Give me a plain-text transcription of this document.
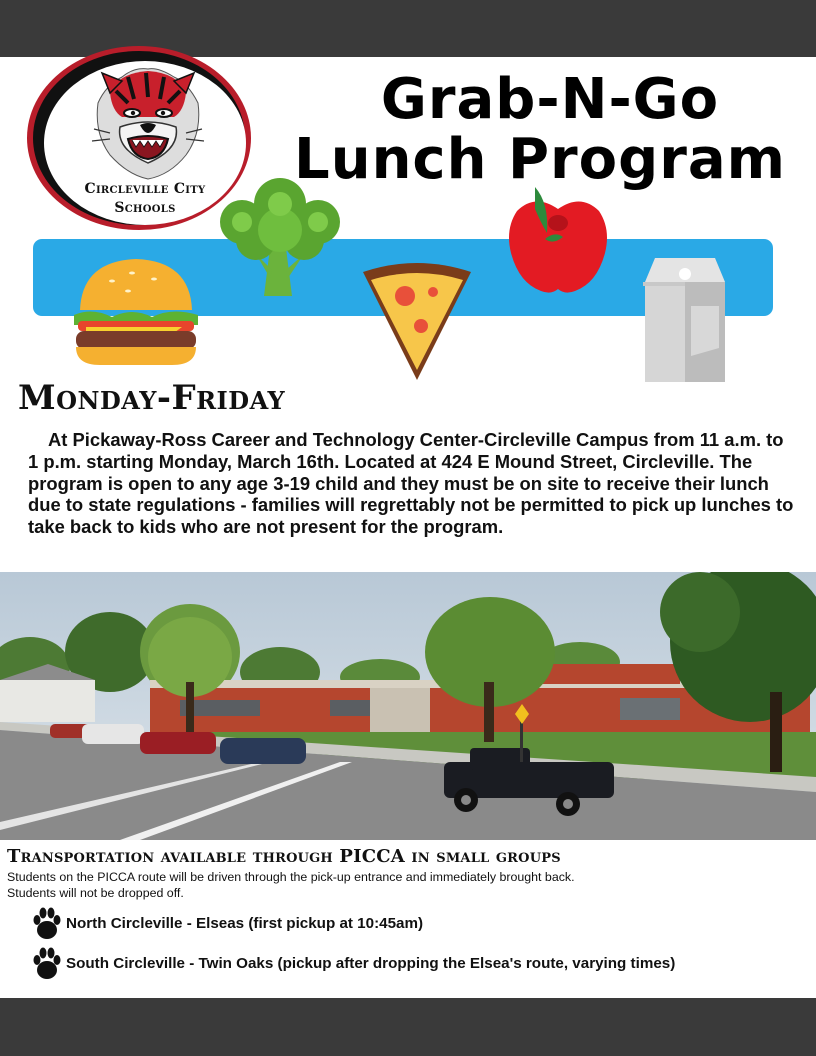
Circleville City
Schools
Grab-N-Go
Lunch Program
Monday-Friday
At Pickaway-Ross Career and Technology Center-Circleville Campus from 11 a.m. to 1 p.m. starting Monday, March 16th. Located at 424 E Mound Street, Circleville. The program is open to any age 3-19 child and they must be on site to receive their lunch due to state regulations - families will regrettably not be permitted to pick up lunches to take back to kids who are not present for the program.
Transportation available through PICCA in small groups
Students on the PICCA route will be driven through the pick-up entrance and immediately brought back.
Students will not be dropped off.
North Circleville - Elseas (first pickup at 10:45am)
South Circleville - Twin Oaks (pickup after dropping the Elsea's route, varying times)
